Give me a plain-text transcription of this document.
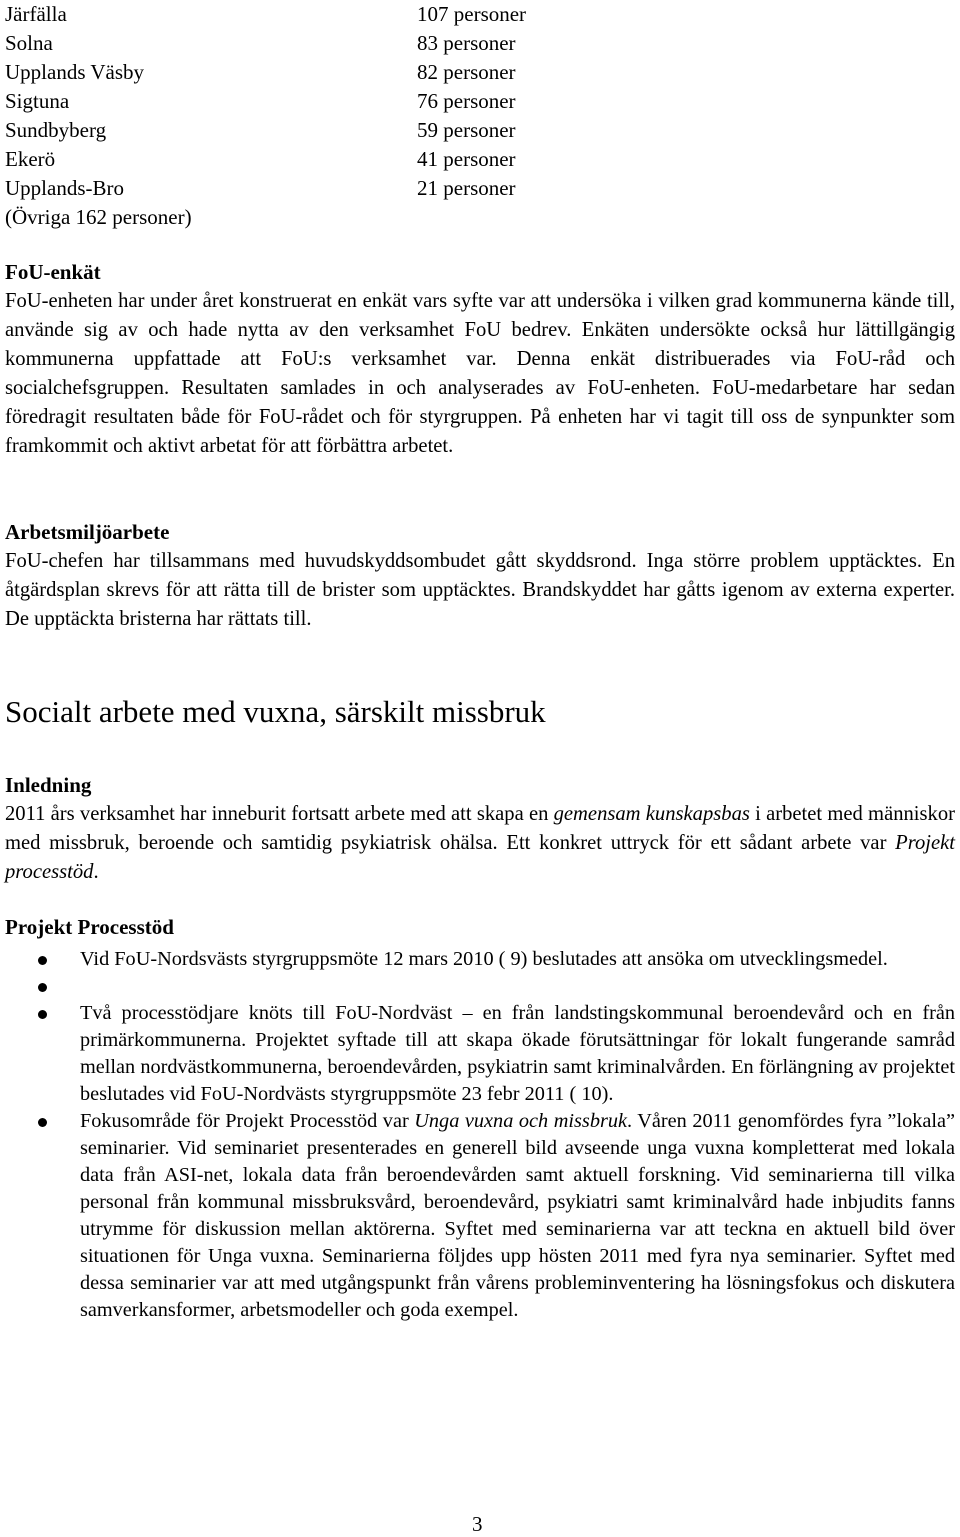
Järfälla	107 personer
Solna	83 personer
Upplands Väsby	82 personer
Sigtuna	76 personer
Sundbyberg	59 personer
Ekerö	41 personer
Upplands-Bro	21 personer
(Övriga 162 personer)
FoU-enkät

FoU-enheten har under året konstruerat en enkät vars syfte var att undersöka i vilken grad kommunerna kände till, använde sig av och hade nytta av den verksamhet FoU bedrev. Enkäten undersökte också hur lättillgängig kommunerna uppfattade att FoU:s verksamhet var. Denna enkät distribuerades via FoU-råd och socialchefsgruppen. Resultaten samlades in och analyserades av FoU-enheten. FoU-medarbetare har sedan föredragit resultaten både för FoU-rådet och för styrgruppen. På enheten har vi tagit till oss de synpunkter som framkommit och aktivt arbetat för att förbättra arbetet.

Arbetsmiljöarbete

FoU-chefen har tillsammans med huvudskyddsombudet gått skyddsrond. Inga större problem upptäcktes. En åtgärdsplan skrevs för att rätta till de brister som upptäcktes. Brandskyddet har gåtts igenom av externa experter. De upptäckta bristerna har rättats till.

Socialt arbete med vuxna, särskilt missbruk
Inledning

2011 års verksamhet har inneburit fortsatt arbete med att skapa en gemensam kunskapsbas i arbetet med människor med missbruk, beroende och samtidig psykiatrisk ohälsa. Ett konkret uttryck för ett sådant arbete var Projekt processtöd.

Projekt Processtöd
Vid FoU-Nordsvästs styrgruppsmöte 12 mars 2010 ( 9) beslutades att ansöka om utvecklingsmedel.
Två processtödjare knöts till FoU-Nordväst – en från landstingskommunal beroendevård och en från primärkommunerna. Projektet syftade till att skapa ökade förutsättningar för lokalt fungerande samråd mellan nordvästkommunerna, beroendevården, psykiatrin samt kriminalvården. En förlängning av projektet beslutades vid FoU-Nordvästs styrgruppsmöte 23 febr 2011 ( 10).
Fokusområde för Projekt Processtöd var Unga vuxna och missbruk. Våren 2011 genomfördes fyra ”lokala” seminarier. Vid seminariet presenterades en generell bild avseende unga vuxna kompletterat med lokala data från ASI-net, lokala data från beroendevården samt aktuell forskning. Vid seminarierna till vilka personal från kommunal missbruksvård, beroendevård, psykiatri samt kriminalvård hade inbjudits fanns utrymme för diskussion mellan aktörerna. Syftet med seminarierna var att teckna en aktuell bild över situationen för Unga vuxna. Seminarierna följdes upp hösten 2011 med fyra nya seminarier. Syftet med dessa seminarier var att med utgångspunkt från vårens probleminventering ha lösningsfokus och diskutera samverkansformer, arbetsmodeller och goda exempel.
3
